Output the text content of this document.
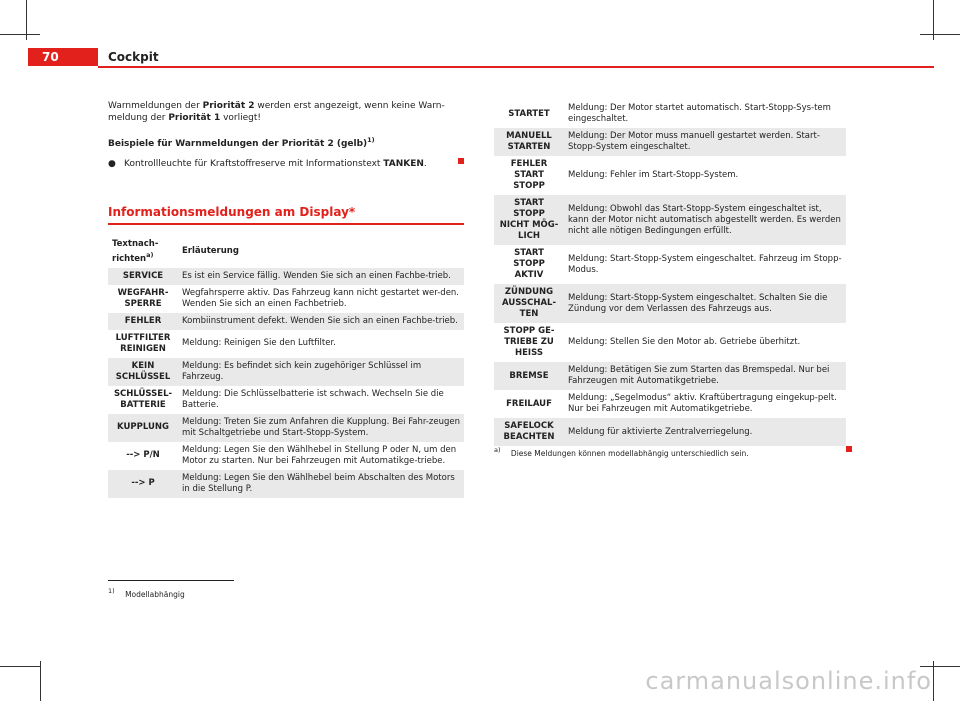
70	Cockpit

Warnmeldungen der Priorität 2 werden erst angezeigt, wenn keine Warn-meldung der Priorität 1 vorliegt!

Beispiele für Warnmeldungen der Priorität 2 (gelb)$^{1)}$

● Kontrollleuchte für Kraftstoffreserve mit Informationstext TANKEN.
Informationsmeldungen am Display*
Textnach-richten$^{a)}$	Erläuterung
SERVICE	Es ist ein Service fällig. Wenden Sie sich an einen Fachbe-trieb.
WEGFAHR-SPERRE	Wegfahrsperre aktiv. Das Fahrzeug kann nicht gestartet wer-den. Wenden Sie sich an einen Fachbetrieb.
FEHLER	Kombiinstrument defekt. Wenden Sie sich an einen Fachbe-trieb.
LUFTFILTER REINIGEN	Meldung: Reinigen Sie den Luftfilter.
KEIN SCHLÜSSEL	Meldung: Es befindet sich kein zugehöriger Schlüssel im Fahrzeug.
SCHLÜSSEL-BATTERIE	Meldung: Die Schlüsselbatterie ist schwach. Wechseln Sie die Batterie.
KUPPLUNG	Meldung: Treten Sie zum Anfahren die Kupplung. Bei Fahr-zeugen mit Schaltgetriebe und Start-Stopp-System.
--> P/N	Meldung: Legen Sie den Wählhebel in Stellung P oder N, um den Motor zu starten. Nur bei Fahrzeugen mit Automatikge-triebe.
--> P	Meldung: Legen Sie den Wählhebel beim Abschalten des Motors in die Stellung P.
STARTET	Meldung: Der Motor startet automatisch. Start-Stopp-Sys-tem eingeschaltet.
MANUELL STARTEN	Meldung: Der Motor muss manuell gestartet werden. Start-Stopp-System eingeschaltet.
FEHLER START STOPP	Meldung: Fehler im Start-Stopp-System.
START STOPP NICHT MÖG-LICH	Meldung: Obwohl das Start-Stopp-System eingeschaltet ist, kann der Motor nicht automatisch abgestellt werden. Es werden nicht alle nötigen Bedingungen erfüllt.
START STOPP AKTIV	Meldung: Start-Stopp-System eingeschaltet. Fahrzeug im Stopp-Modus.
ZÜNDUNG AUSSCHAL-TEN	Meldung: Start-Stopp-System eingeschaltet. Schalten Sie die Zündung vor dem Verlassen des Fahrzeugs aus.
STOPP GE-TRIEBE ZU HEISS	Meldung: Stellen Sie den Motor ab. Getriebe überhitzt.
BREMSE	Meldung: Betätigen Sie zum Starten das Bremspedal. Nur bei Fahrzeugen mit Automatikgetriebe.
FREILAUF	Meldung: „Segelmodus“ aktiv. Kraftübertragung eingekup-pelt. Nur bei Fahrzeugen mit Automatikgetriebe.
SAFELOCK BEACHTEN	Meldung für aktivierte Zentralverriegelung.
$^{a)}$ Diese Meldungen können modellabhängig unterschiedlich sein.
$^{1)}$ Modellabhängig
carmanualsonline.info
